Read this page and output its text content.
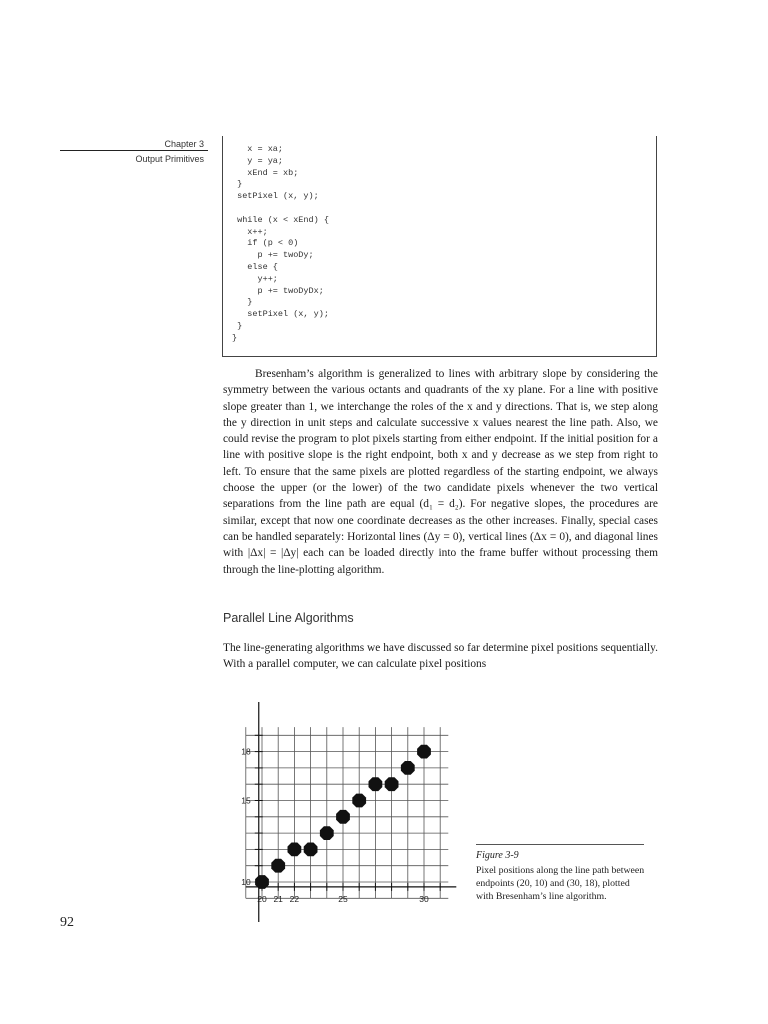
Chapter 3
Output Primitives
x = xa;
y = ya;
xEnd = xb;
}
setPixel (x, y);

while (x < xEnd) {
x++;
if (p < 0)
p += twoDy;
else {
y++;
p += twoDyDx;
}
setPixel (x, y);
}
}

Bresenham’s algorithm is generalized to lines with arbitrary slope by considering the symmetry between the various octants and quadrants of the xy plane. For a line with positive slope greater than 1, we interchange the roles of the x and y directions. That is, we step along the y direction in unit steps and calculate successive x values nearest the line path. Also, we could revise the program to plot pixels starting from either endpoint. If the initial position for a line with positive slope is the right endpoint, both x and y decrease as we step from right to left. To ensure that the same pixels are plotted regardless of the starting endpoint, we always choose the upper (or the lower) of the two candidate pixels whenever the two vertical separations from the line path are equal (d₁ = d₂). For negative slopes, the procedures are similar, except that now one coordinate decreases as the other increases. Finally, special cases can be handled separately: Horizontal lines (Δy = 0), vertical lines (Δx = 0), and diagonal lines with |Δx| = |Δy| each can be loaded directly into the frame buffer without processing them through the line-plotting algorithm.

Parallel Line Algorithms

The line-generating algorithms we have discussed so far determine pixel positions sequentially. With a parallel computer, we can calculate pixel positions

10
15
18
20 21 22	25	30

Figure 3-9

Pixel positions along the line path between endpoints (20, 10) and (30, 18), plotted with Bresenham’s line algorithm.

92
